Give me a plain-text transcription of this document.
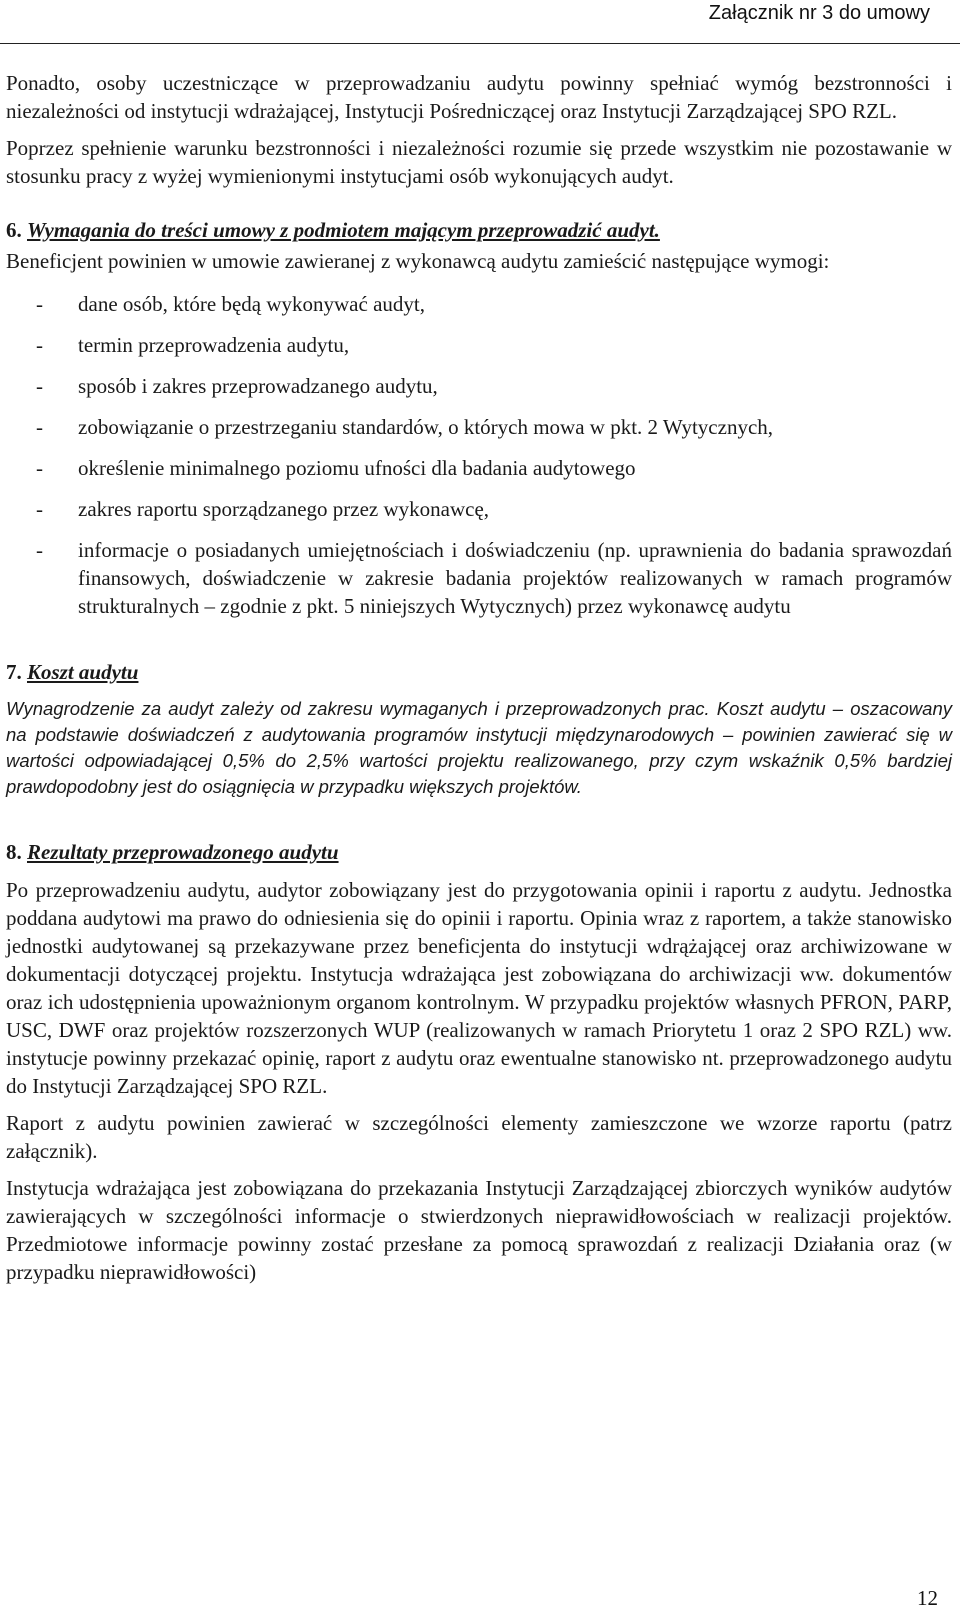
Załącznik nr 3 do umowy

Ponadto, osoby uczestniczące w przeprowadzaniu audytu powinny spełniać wymóg bezstronności i niezależności od instytucji wdrażającej, Instytucji Pośredniczącej oraz Instytucji Zarządzającej SPO RZL.

Poprzez spełnienie warunku bezstronności i niezależności rozumie się przede wszystkim nie pozostawanie w stosunku pracy z wyżej wymienionymi instytucjami osób wykonujących audyt.

6. Wymagania do treści umowy z podmiotem mającym przeprowadzić audyt.

Beneficjent powinien w umowie zawieranej z wykonawcą audytu zamieścić następujące wymogi:

- dane osób, które będą wykonywać audyt,
- termin przeprowadzenia audytu,
- sposób i zakres przeprowadzanego audytu,
- zobowiązanie o przestrzeganiu standardów, o których mowa w pkt. 2 Wytycznych,
- określenie minimalnego poziomu ufności dla badania audytowego
- zakres raportu sporządzanego przez wykonawcę,
- informacje o posiadanych umiejętnościach i doświadczeniu (np. uprawnienia do badania sprawozdań finansowych, doświadczenie w zakresie badania projektów realizowanych w ramach programów strukturalnych – zgodnie z pkt. 5 niniejszych Wytycznych) przez wykonawcę audytu
7. Koszt audytu

Wynagrodzenie za audyt zależy od zakresu wymaganych i przeprowadzonych prac. Koszt audytu – oszacowany na podstawie doświadczeń z audytowania programów instytucji międzynarodowych – powinien zawierać się w wartości odpowiadającej 0,5% do 2,5% wartości projektu realizowanego, przy czym wskaźnik 0,5% bardziej prawdopodobny jest do osiągnięcia w przypadku większych projektów.

8. Rezultaty przeprowadzonego audytu

Po przeprowadzeniu audytu, audytor zobowiązany jest do przygotowania opinii i raportu z audytu. Jednostka poddana audytowi ma prawo do odniesienia się do opinii i raportu. Opinia wraz z raportem, a także stanowisko jednostki audytowanej są przekazywane przez beneficjenta do instytucji wdrążającej oraz archiwizowane w dokumentacji dotyczącej projektu. Instytucja wdrażająca jest zobowiązana do archiwizacji ww. dokumentów oraz ich udostępnienia upoważnionym organom kontrolnym. W przypadku projektów własnych PFRON, PARP, USC, DWF oraz projektów rozszerzonych WUP (realizowanych w ramach Priorytetu 1 oraz 2 SPO RZL) ww. instytucje powinny przekazać opinię, raport z audytu oraz ewentualne stanowisko nt. przeprowadzonego audytu do Instytucji Zarządzającej SPO RZL.

Raport z audytu powinien zawierać w szczególności elementy zamieszczone we wzorze raportu (patrz załącznik).

Instytucja wdrażająca jest zobowiązana do przekazania Instytucji Zarządzającej zbiorczych wyników audytów zawierających w szczególności informacje o stwierdzonych nieprawidłowościach w realizacji projektów. Przedmiotowe informacje powinny zostać przesłane za pomocą sprawozdań z realizacji Działania oraz (w przypadku nieprawidłowości)

12
